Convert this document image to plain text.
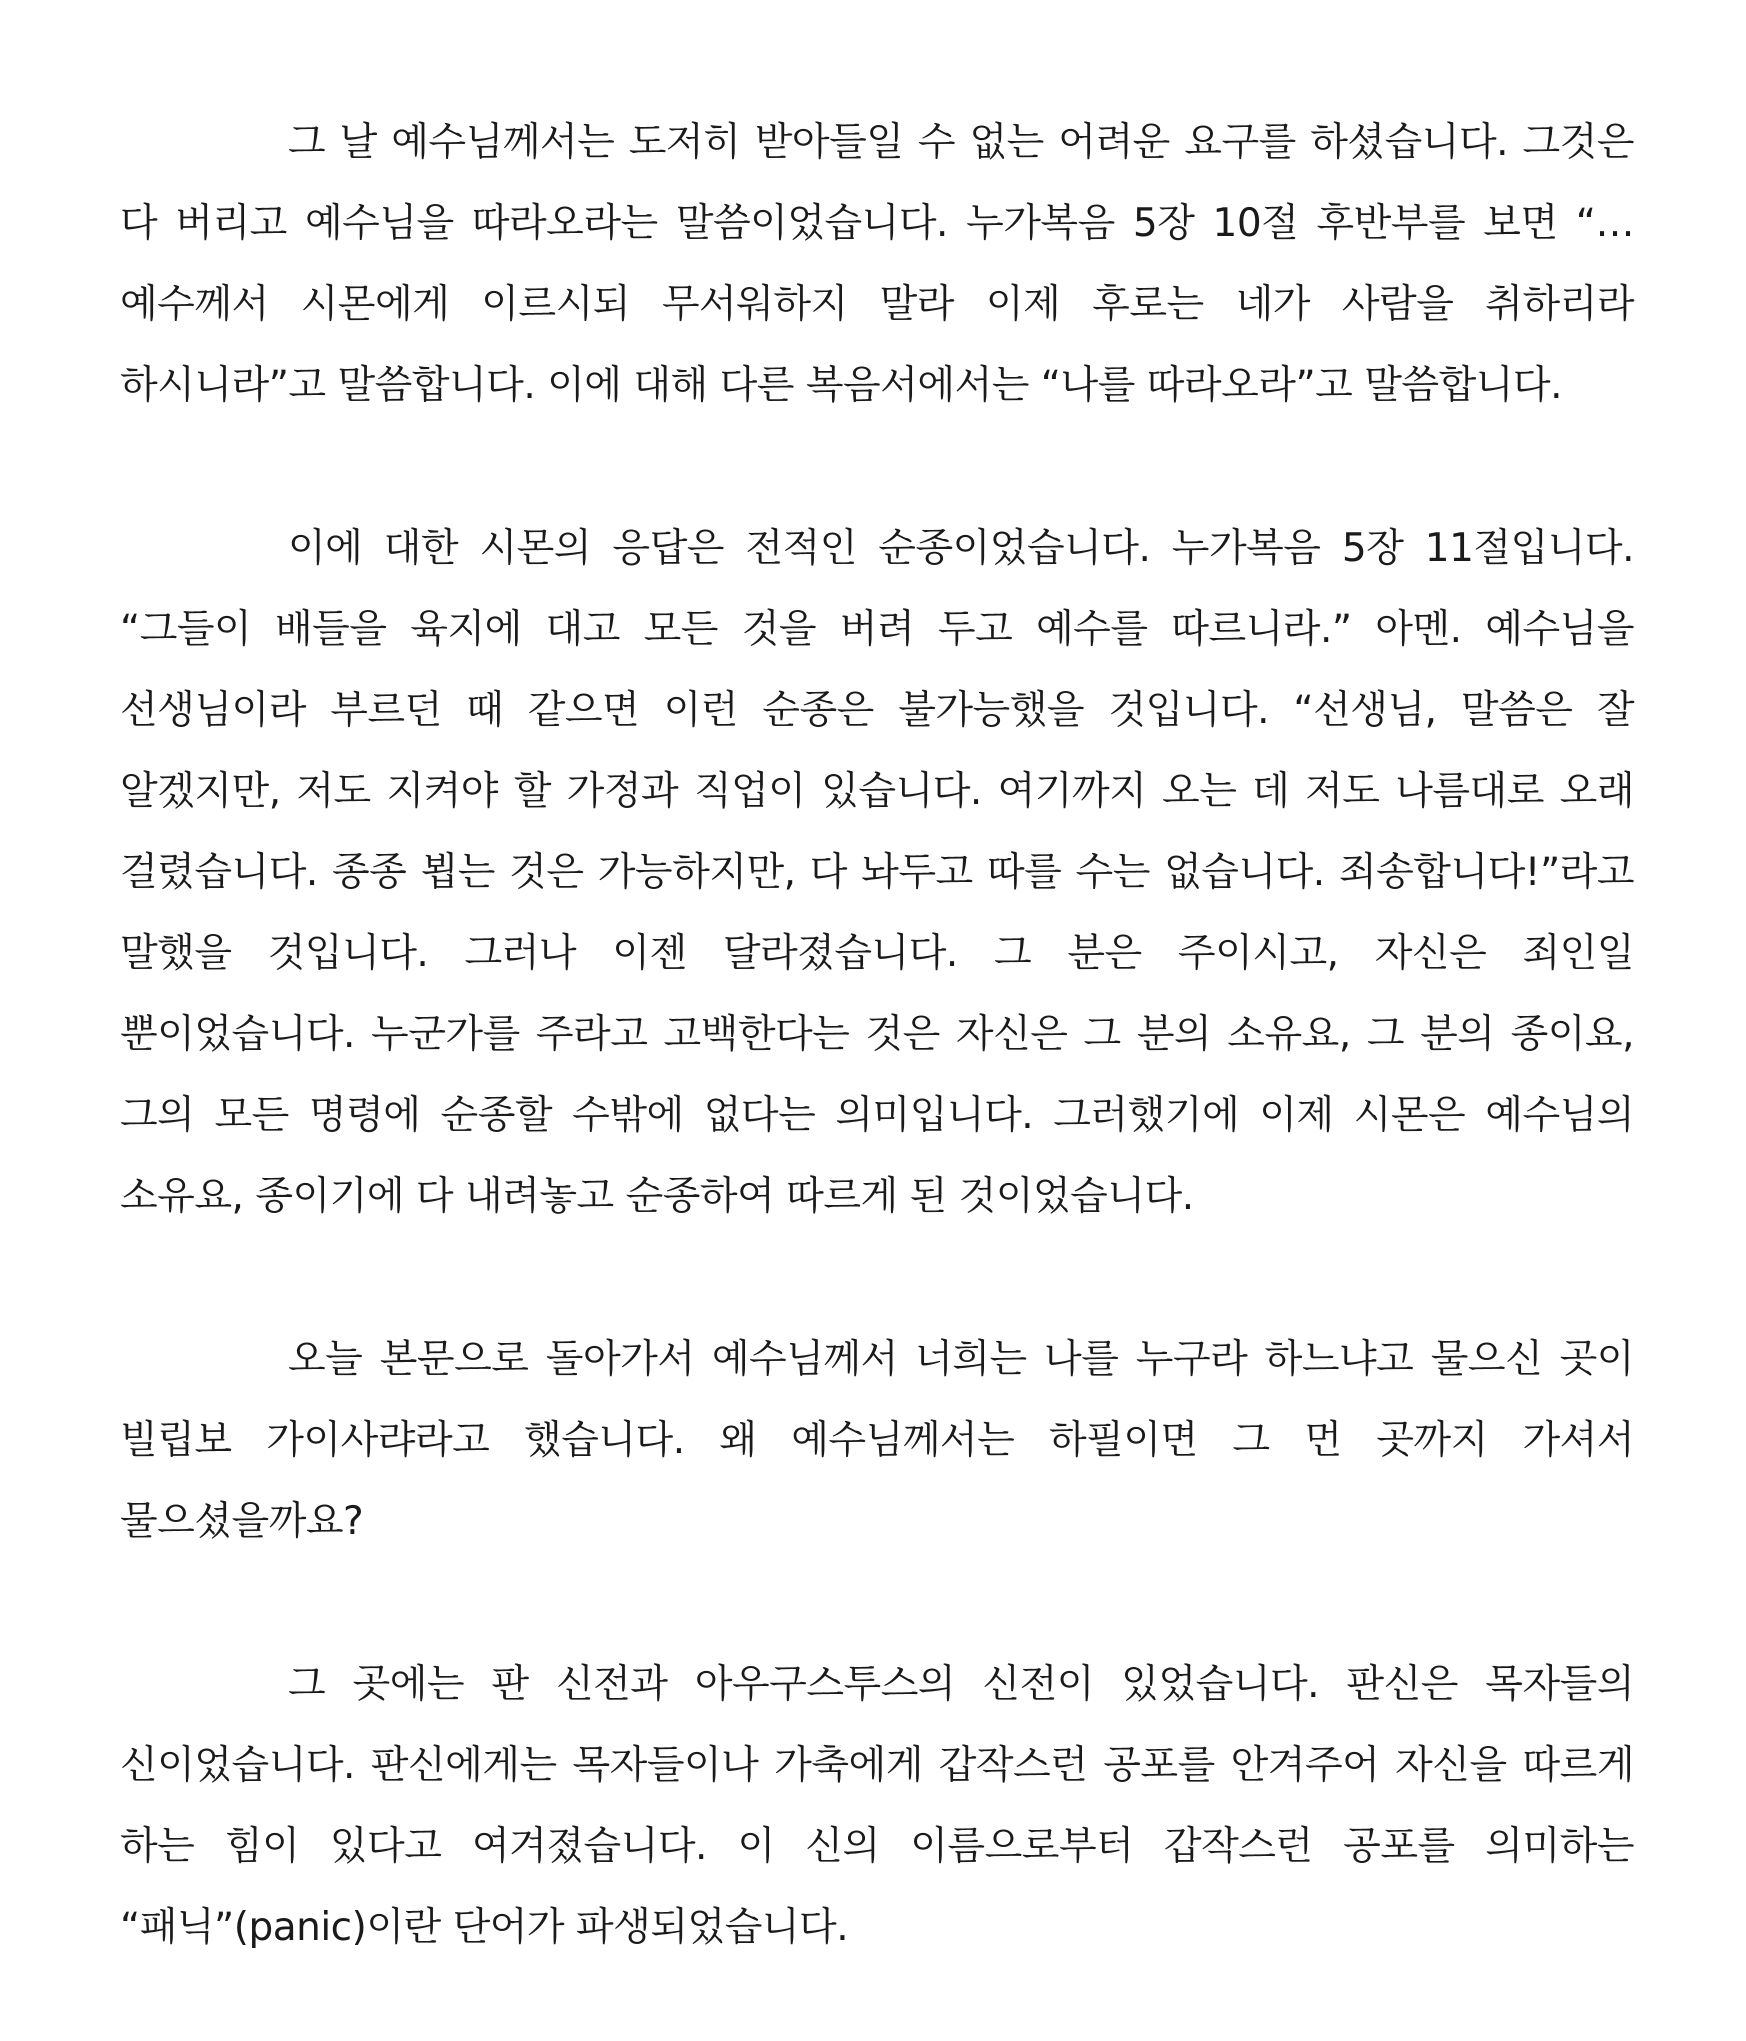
그 날 예수님께서는 도저히 받아들일 수 없는 어려운 요구를 하셨습니다. 그것은 다 버리고 예수님을 따라오라는 말씀이었습니다. 누가복음 5장 10절 후반부를 보면 “…예수께서 시몬에게 이르시되 무서워하지 말라 이제 후로는 네가 사람을 취하리라 하시니라”고 말씀합니다. 이에 대해 다른 복음서에서는 “나를 따라오라”고 말씀합니다.

이에 대한 시몬의 응답은 전적인 순종이었습니다. 누가복음 5장 11절입니다. “그들이 배들을 육지에 대고 모든 것을 버려 두고 예수를 따르니라.” 아멘. 예수님을 선생님이라 부르던 때 같으면 이런 순종은 불가능했을 것입니다. “선생님, 말씀은 잘 알겠지만, 저도 지켜야 할 가정과 직업이 있습니다. 여기까지 오는 데 저도 나름대로 오래 걸렸습니다. 종종 뵙는 것은 가능하지만, 다 놔두고 따를 수는 없습니다. 죄송합니다!”라고 말했을 것입니다. 그러나 이젠 달라졌습니다. 그 분은 주이시고, 자신은 죄인일 뿐이었습니다. 누군가를 주라고 고백한다는 것은 자신은 그 분의 소유요, 그 분의 종이요, 그의 모든 명령에 순종할 수밖에 없다는 의미입니다. 그러했기에 이제 시몬은 예수님의 소유요, 종이기에 다 내려놓고 순종하여 따르게 된 것이었습니다.

오늘 본문으로 돌아가서 예수님께서 너희는 나를 누구라 하느냐고 물으신 곳이 빌립보 가이사랴라고 했습니다. 왜 예수님께서는 하필이면 그 먼 곳까지 가셔서 물으셨을까요?

그 곳에는 판 신전과 아우구스투스의 신전이 있었습니다. 판신은 목자들의 신이었습니다. 판신에게는 목자들이나 가축에게 갑작스런 공포를 안겨주어 자신을 따르게 하는 힘이 있다고 여겨졌습니다. 이 신의 이름으로부터 갑작스런 공포를 의미하는 “패닉”(panic)이란 단어가 파생되었습니다.
